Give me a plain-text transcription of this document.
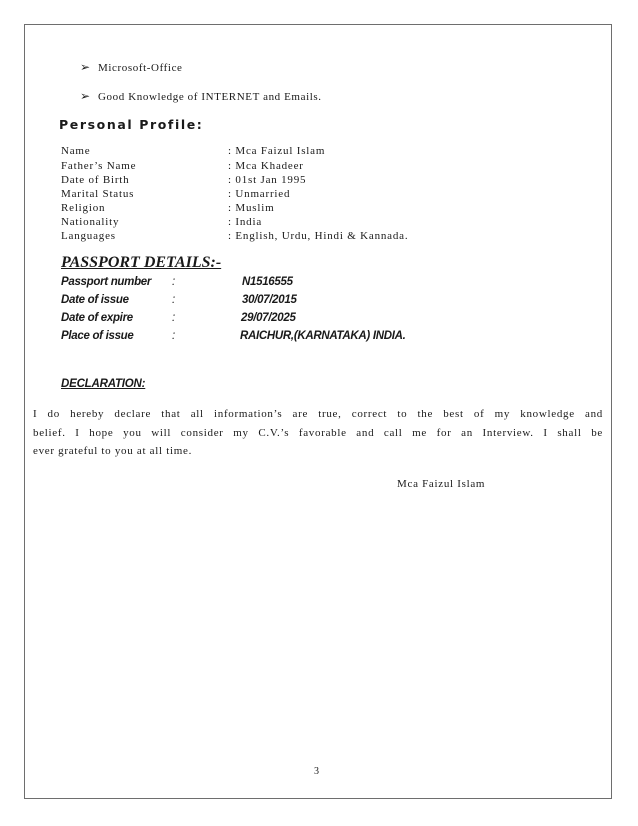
➢ Microsoft-Office
➢ Good Knowledge of INTERNET and Emails.
Personal Profile:
Name	: Mca Faizul Islam
Father’s Name	: Mca Khadeer
Date of Birth	: 01st Jan 1995
Marital Status	: Unmarried
Religion	: Muslim
Nationality	: India
Languages	: English, Urdu, Hindi & Kannada.
PASSPORT DETAILS:-
Passport number :	N1516555
Date of issue	:	30/07/2015
Date of expire	:	29/07/2025
Place of issue	:	RAICHUR,(KARNATAKA) INDIA.
DECLARATION:
I do hereby declare that all information’s are true, correct to the best of my knowledge and
belief. I hope you will consider my C.V.’s favorable and call me for an Interview. I shall be
ever grateful to you at all time.
Mca Faizul Islam
3
